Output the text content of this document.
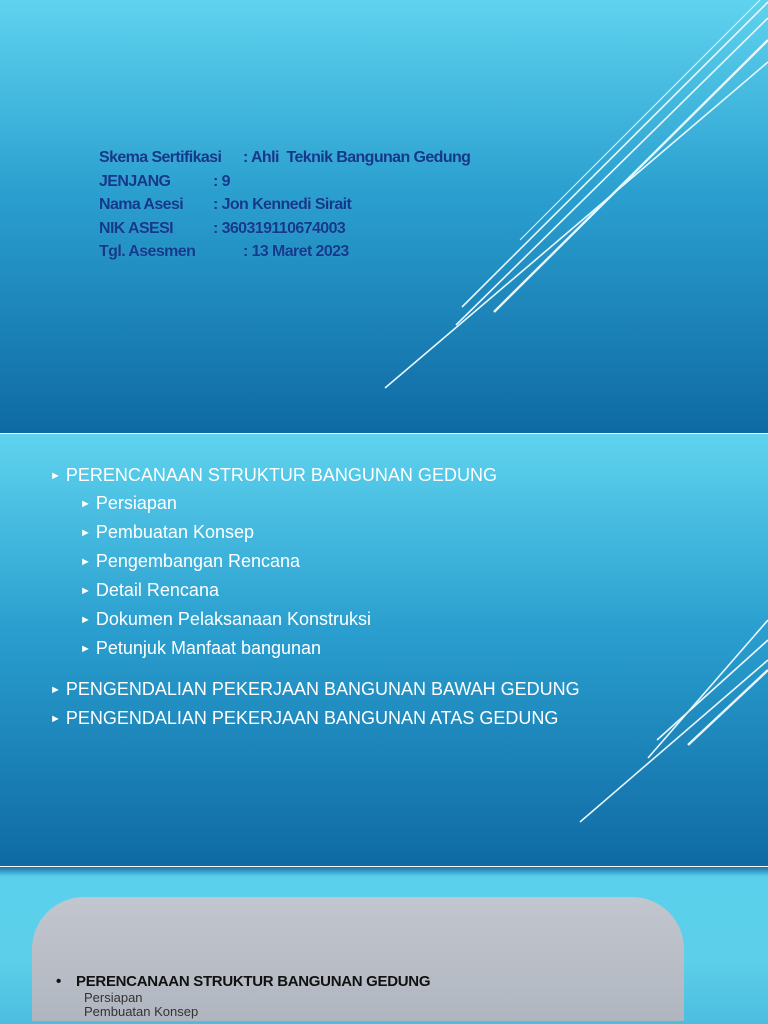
Skema Sertifikasi : Ahli  Teknik Bangunan Gedung
JENJANG	: 9
Nama Asesi : Jon Kennedi Sirait
NIK ASESI : 360319110674003
Tgl. Asesmen	: 13 Maret 2023
► PERENCANAAN STRUKTUR BANGUNAN GEDUNG
► Persiapan
► Pembuatan Konsep
► Pengembangan Rencana
► Detail Rencana
► Dokumen Pelaksanaan Konstruksi
► Petunjuk Manfaat bangunan
► PENGENDALIAN PEKERJAAN BANGUNAN BAWAH GEDUNG
► PENGENDALIAN PEKERJAAN BANGUNAN ATAS GEDUNG
• PERENCANAAN STRUKTUR BANGUNAN GEDUNG
Persiapan
Pembuatan Konsep
